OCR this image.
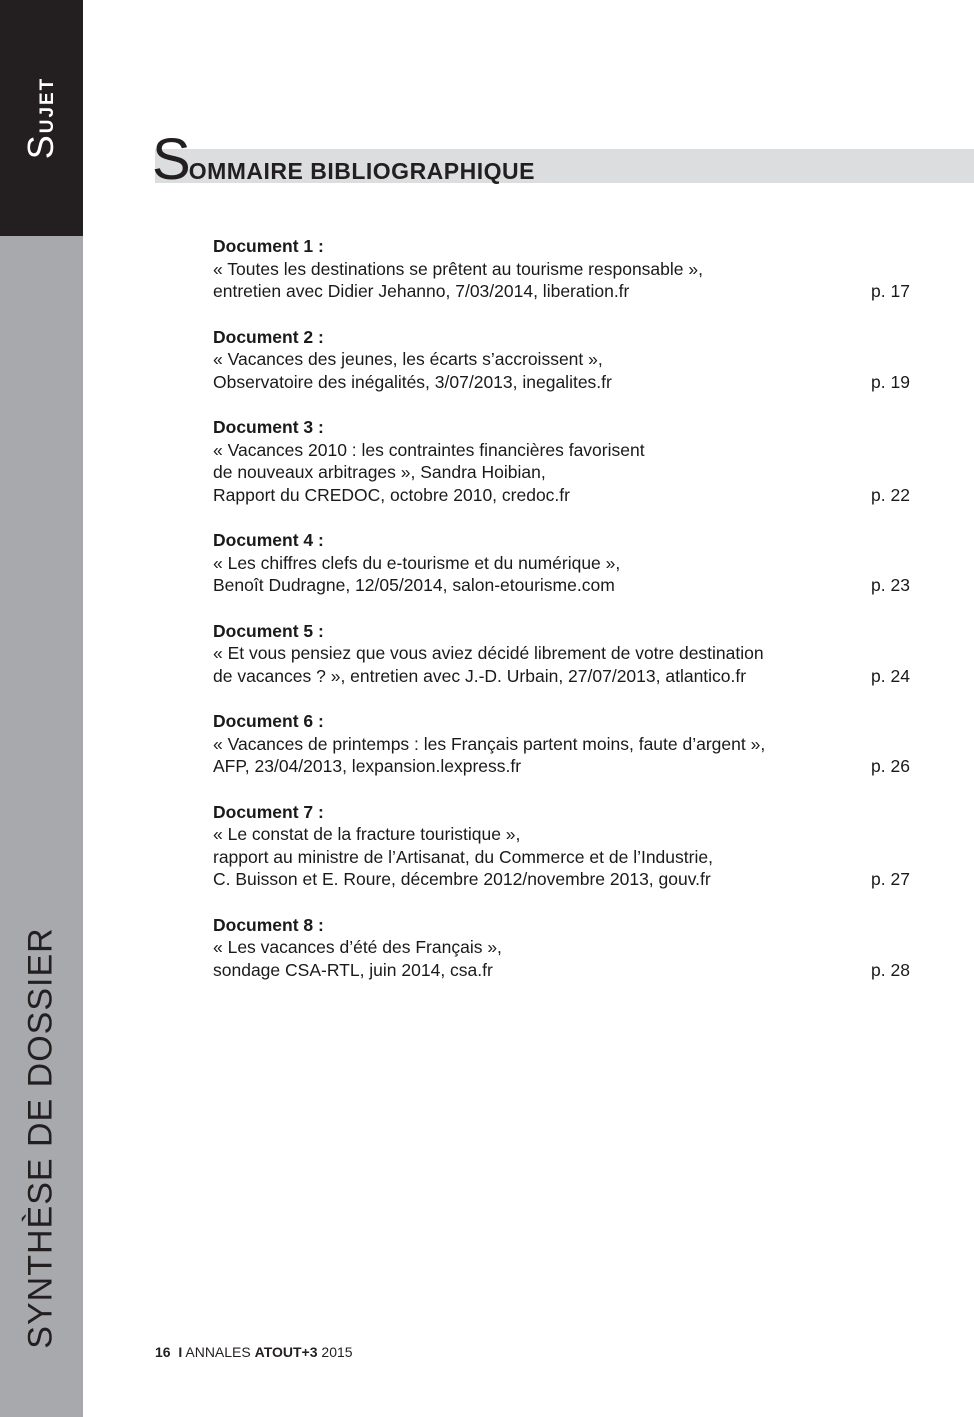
Sujet
SYNTHÈSE DE DOSSIER
SOMMAIRE BIBLIOGRAPHIQUE
Document 1 :
« Toutes les destinations se prêtent au tourisme responsable »,
entretien avec Didier Jehanno, 7/03/2014, liberation.fr	p. 17
Document 2 :
« Vacances des jeunes, les écarts s’accroissent »,
Observatoire des inégalités, 3/07/2013, inegalites.fr	p. 19
Document 3 :
« Vacances 2010 : les contraintes financières favorisent
de nouveaux arbitrages », Sandra Hoibian,
Rapport du CREDOC, octobre 2010, credoc.fr	p. 22
Document 4 :
« Les chiffres clefs du e-tourisme et du numérique »,
Benoît Dudragne, 12/05/2014, salon-etourisme.com	p. 23
Document 5 :
« Et vous pensiez que vous aviez décidé librement de votre destination
de vacances ? », entretien avec J.-D. Urbain, 27/07/2013, atlantico.fr	p. 24
Document 6 :
« Vacances de printemps : les Français partent moins, faute d’argent »,
AFP, 23/04/2013, lexpansion.lexpress.fr	p. 26
Document 7 :
« Le constat de la fracture touristique »,
rapport au ministre de l’Artisanat, du Commerce et de l’Industrie,
C. Buisson et E. Roure, décembre 2012/novembre 2013, gouv.fr	p. 27
Document 8 :
« Les vacances d’été des Français »,
sondage CSA-RTL, juin 2014, csa.fr	p. 28
16 I ANNALES ATOUT+3 2015
